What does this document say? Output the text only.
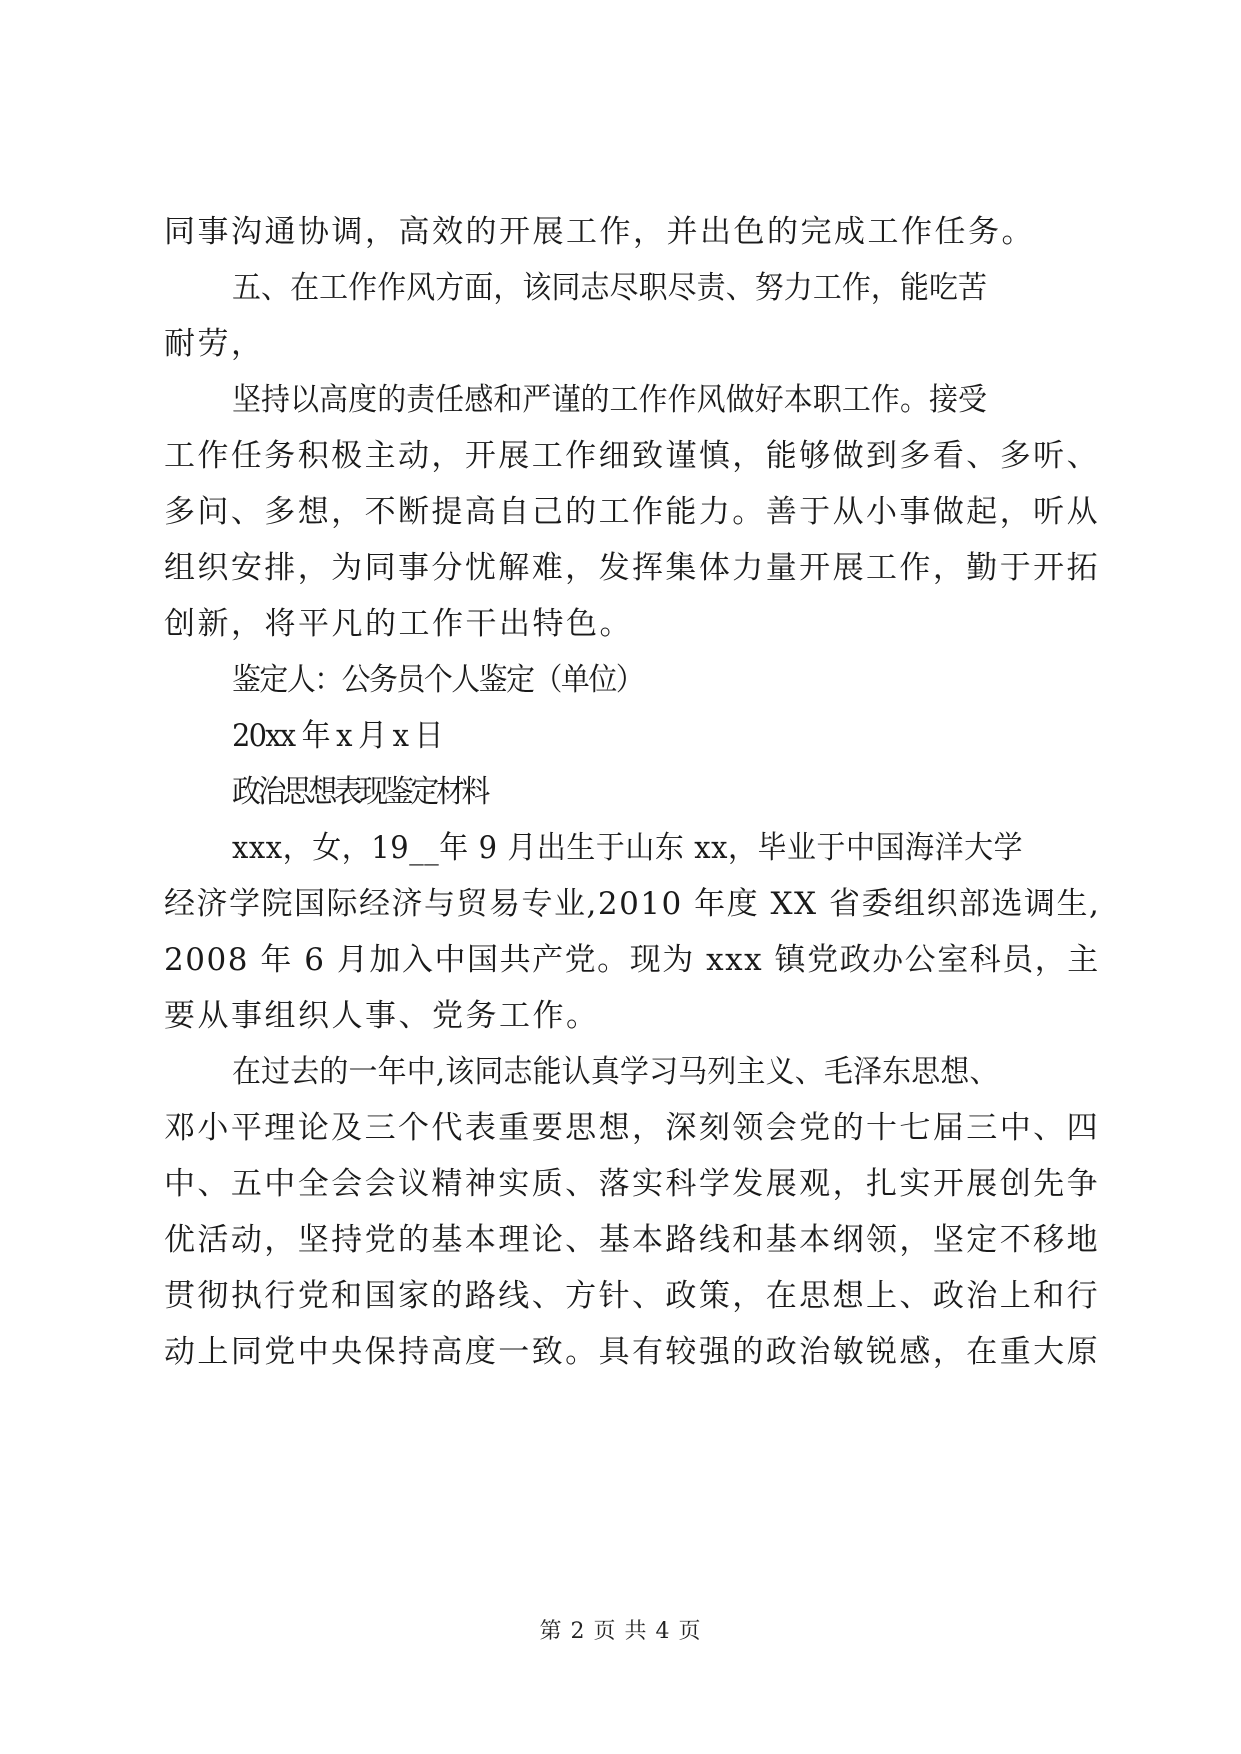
同事沟通协调，高效的开展工作，并出色的完成工作任务。
五、在工作作风方面，该同志尽职尽责、努力工作，能吃苦
耐劳，
坚持以高度的责任感和严谨的工作作风做好本职工作。接受
工作任务积极主动，开展工作细致谨慎，能够做到多看、多听、
多问、多想，不断提高自己的工作能力。善于从小事做起，听从
组织安排，为同事分忧解难，发挥集体力量开展工作，勤于开拓
创新，将平凡的工作干出特色。
鉴定人：公务员个人鉴定（单位）
20xx 年 x 月 x 日
政治思想表现鉴定材料
xxx，女，19__年 9 月出生于山东 xx，毕业于中国海洋大学
经济学院国际经济与贸易专业,2010 年度 XX 省委组织部选调生,
2008 年 6 月加入中国共产党。现为 xxx 镇党政办公室科员，主
要从事组织人事、党务工作。
在过去的一年中,该同志能认真学习马列主义、毛泽东思想、
邓小平理论及三个代表重要思想，深刻领会党的十七届三中、四
中、五中全会会议精神实质、落实科学发展观，扎实开展创先争
优活动，坚持党的基本理论、基本路线和基本纲领，坚定不移地
贯彻执行党和国家的路线、方针、政策，在思想上、政治上和行
动上同党中央保持高度一致。具有较强的政治敏锐感，在重大原
第 2 页 共 4 页
